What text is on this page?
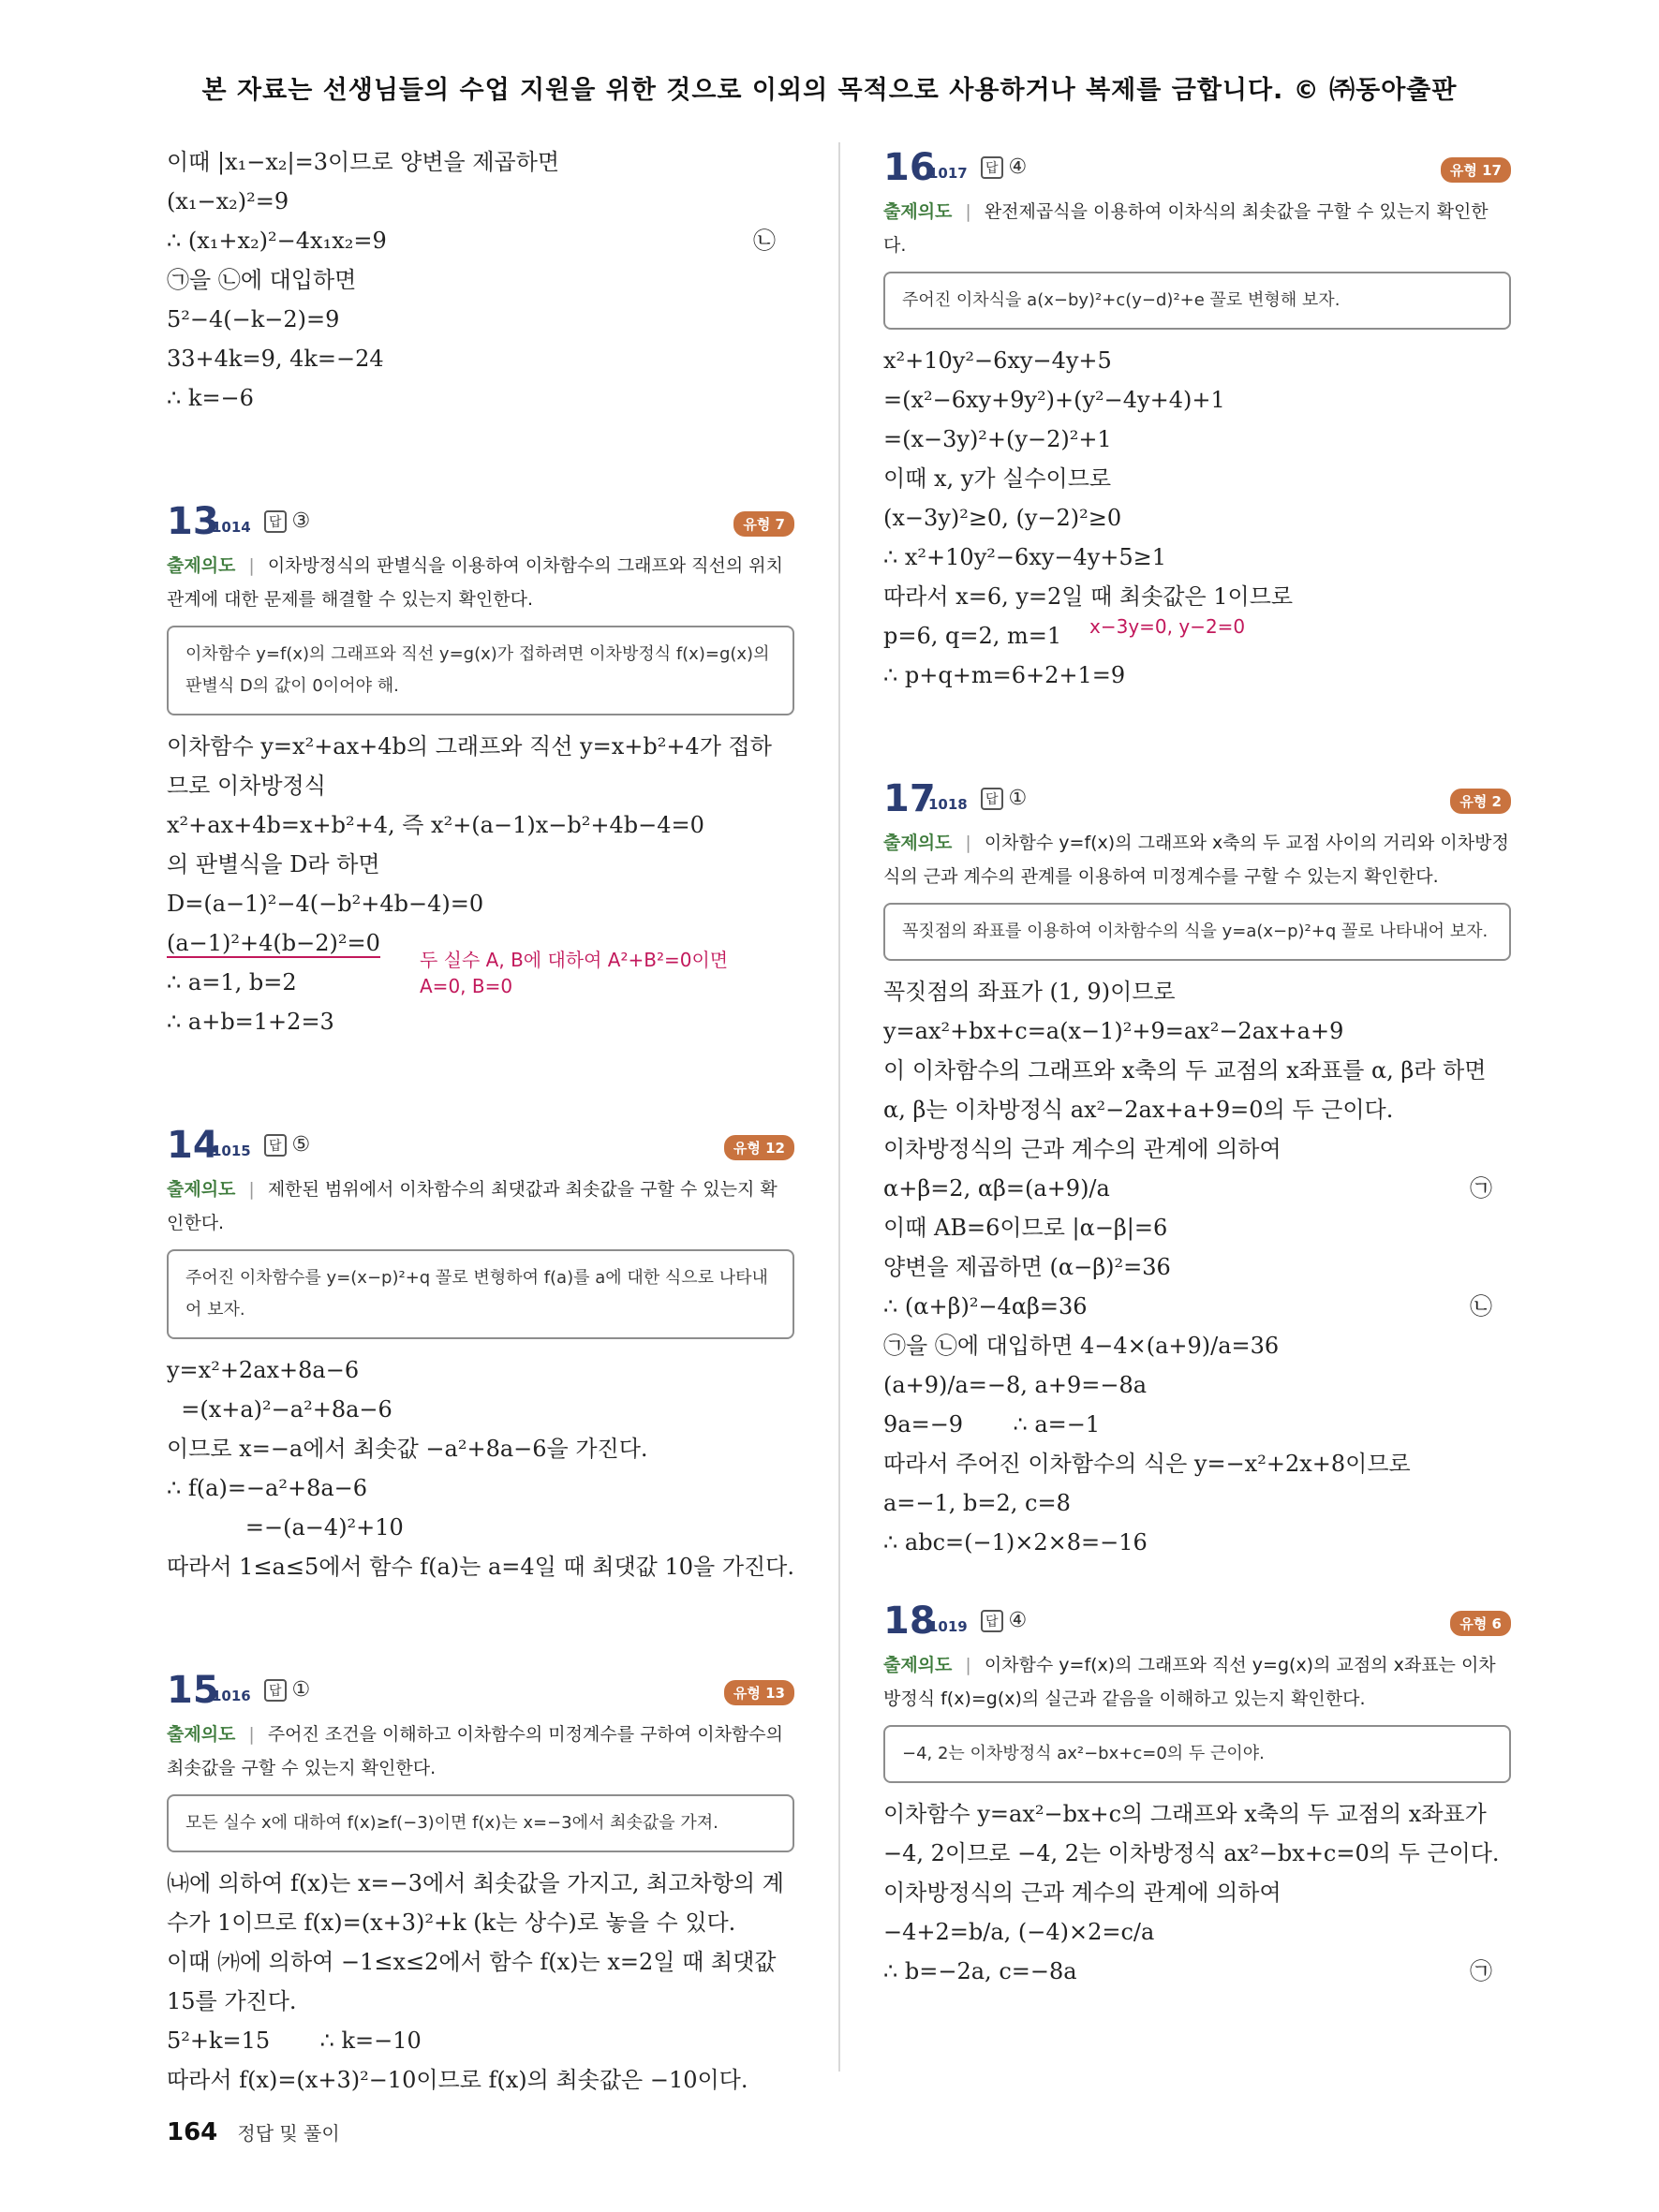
본 자료는 선생님들의 수업 지원을 위한 것으로 이외의 목적으로 사용하거나 복제를 금합니다. © ㈜동아출판
이때 |x₁−x₂|=3이므로 양변을 제곱하면
(x₁−x₂)²=9
∴ (x₁+x₂)²−4x₁x₂=9	㉡
㉠을 ㉡에 대입하면
5²−4(−k−2)=9
33+4k=9, 4k=−24
∴ k=−6
13
1014	답 ③	유형 7
출제의도 | 이차방정식의 판별식을 이용하여 이차함수의 그래프와 직선의 위치 관계에 대한 문제를 해결할 수 있는지 확인한다.
이차함수 y=f(x)의 그래프와 직선 y=g(x)가 접하려면 이차방정식 f(x)=g(x)의 판별식 D의 값이 0이어야 해.
이차함수 y=x²+ax+4b의 그래프와 직선 y=x+b²+4가 접하
므로 이차방정식
x²+ax+4b=x+b²+4, 즉 x²+(a−1)x−b²+4b−4=0
의 판별식을 D라 하면
D=(a−1)²−4(−b²+4b−4)=0
(a−1)²+4(b−2)²=0
두 실수 A, B에 대하여 A²+B²=0이면
A=0, B=0
∴ a=1, b=2
∴ a+b=1+2=3
14
1015	답 ⑤	유형 12
출제의도 | 제한된 범위에서 이차함수의 최댓값과 최솟값을 구할 수 있는지 확인한다.
주어진 이차함수를 y=(x−p)²+q 꼴로 변형하여 f(a)를 a에 대한 식으로 나타내어 보자.
y=x²+2ax+8a−6
=(x+a)²−a²+8a−6
이므로 x=−a에서 최솟값 −a²+8a−6을 가진다.
∴ f(a)=−a²+8a−6
=−(a−4)²+10
따라서 1≤a≤5에서 함수 f(a)는 a=4일 때 최댓값 10을 가진다.
15
1016	답 ①	유형 13
출제의도 | 주어진 조건을 이해하고 이차함수의 미정계수를 구하여 이차함수의 최솟값을 구할 수 있는지 확인한다.
모든 실수 x에 대하여 f(x)≥f(−3)이면 f(x)는 x=−3에서 최솟값을 가져.
㈏에 의하여 f(x)는 x=−3에서 최솟값을 가지고, 최고차항의 계
수가 1이므로 f(x)=(x+3)²+k (k는 상수)로 놓을 수 있다.
이때 ㈎에 의하여 −1≤x≤2에서 함수 f(x)는 x=2일 때 최댓값
15를 가진다.
5²+k=15       ∴ k=−10
따라서 f(x)=(x+3)²−10이므로 f(x)의 최솟값은 −10이다.
16
1017	답 ④	유형 17
출제의도 | 완전제곱식을 이용하여 이차식의 최솟값을 구할 수 있는지 확인한다.
주어진 이차식을 a(x−by)²+c(y−d)²+e 꼴로 변형해 보자.
x²+10y²−6xy−4y+5
=(x²−6xy+9y²)+(y²−4y+4)+1
=(x−3y)²+(y−2)²+1
이때 x, y가 실수이므로
(x−3y)²≥0, (y−2)²≥0
∴ x²+10y²−6xy−4y+5≥1
따라서 x=6, y=2일 때 최솟값은 1이므로
p=6, q=2, m=1 x−3y=0, y−2=0
∴ p+q+m=6+2+1=9
17
1018	답 ①	유형 2
출제의도 | 이차함수 y=f(x)의 그래프와 x축의 두 교점 사이의 거리와 이차방정식의 근과 계수의 관계를 이용하여 미정계수를 구할 수 있는지 확인한다.
꼭짓점의 좌표를 이용하여 이차함수의 식을 y=a(x−p)²+q 꼴로 나타내어 보자.
꼭짓점의 좌표가 (1, 9)이므로
y=ax²+bx+c=a(x−1)²+9=ax²−2ax+a+9
이 이차함수의 그래프와 x축의 두 교점의 x좌표를 α, β라 하면
α, β는 이차방정식 ax²−2ax+a+9=0의 두 근이다.
이차방정식의 근과 계수의 관계에 의하여
α+β=2, αβ=(a+9)/a	㉠
이때 AB=6이므로 |α−β|=6
양변을 제곱하면 (α−β)²=36
∴ (α+β)²−4αβ=36	㉡
㉠을 ㉡에 대입하면 4−4×(a+9)/a=36
(a+9)/a=−8, a+9=−8a
9a=−9       ∴ a=−1
따라서 주어진 이차함수의 식은 y=−x²+2x+8이므로
a=−1, b=2, c=8
∴ abc=(−1)×2×8=−16
18
1019	답 ④	유형 6
출제의도 | 이차함수 y=f(x)의 그래프와 직선 y=g(x)의 교점의 x좌표는 이차방정식 f(x)=g(x)의 실근과 같음을 이해하고 있는지 확인한다.
−4, 2는 이차방정식 ax²−bx+c=0의 두 근이야.
이차함수 y=ax²−bx+c의 그래프와 x축의 두 교점의 x좌표가
−4, 2이므로 −4, 2는 이차방정식 ax²−bx+c=0의 두 근이다.
이차방정식의 근과 계수의 관계에 의하여
−4+2=b/a, (−4)×2=c/a
∴ b=−2a, c=−8a	㉠
164 정답 및 풀이
